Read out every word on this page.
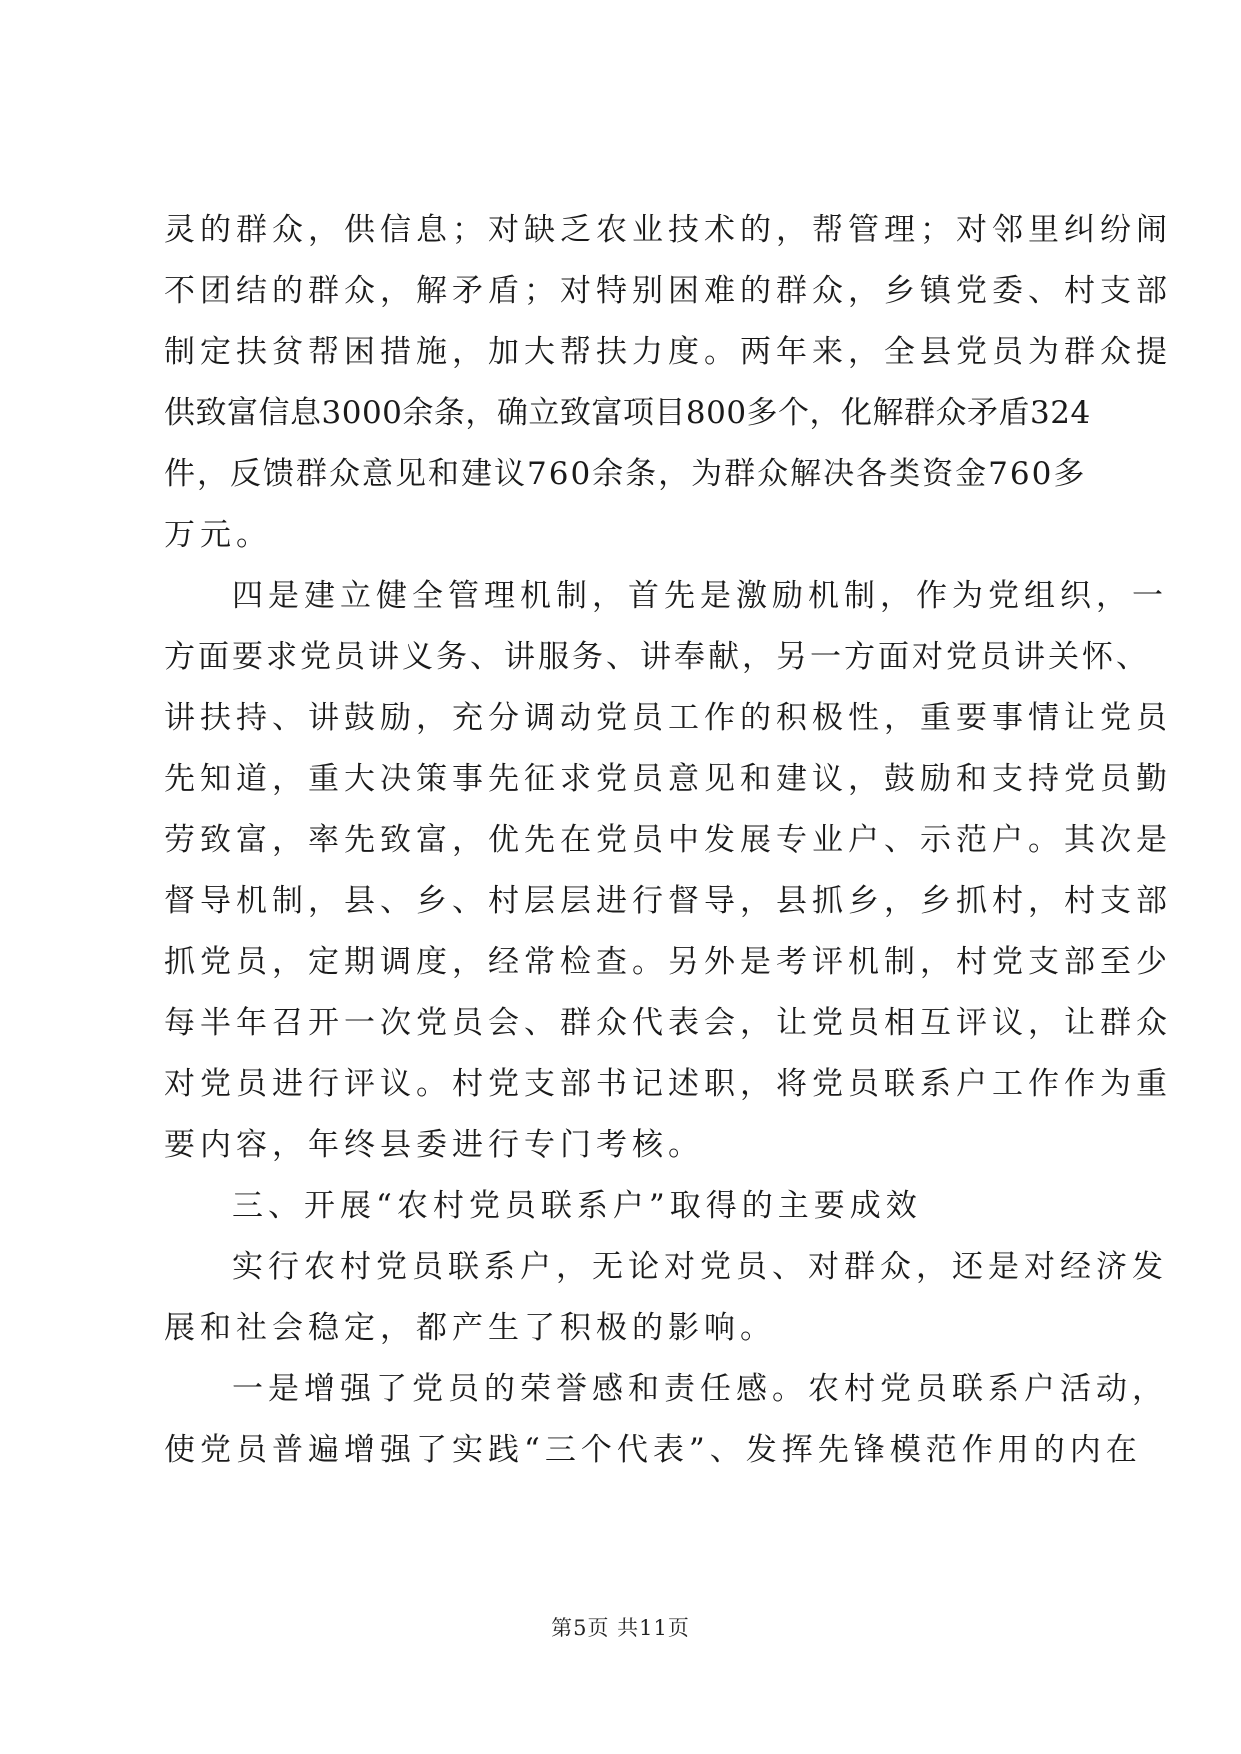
灵的群众，供信息；对缺乏农业技术的，帮管理；对邻里纠纷闹
不团结的群众，解矛盾；对特别困难的群众，乡镇党委、村支部
制定扶贫帮困措施，加大帮扶力度。两年来，全县党员为群众提
供致富信息3000余条，确立致富项目800多个，化解群众矛盾324
件，反馈群众意见和建议760余条，为群众解决各类资金760多
万元。
四是建立健全管理机制，首先是激励机制，作为党组织，一
方面要求党员讲义务、讲服务、讲奉献，另一方面对党员讲关怀、
讲扶持、讲鼓励，充分调动党员工作的积极性，重要事情让党员
先知道，重大决策事先征求党员意见和建议，鼓励和支持党员勤
劳致富，率先致富，优先在党员中发展专业户、示范户。其次是
督导机制，县、乡、村层层进行督导，县抓乡，乡抓村，村支部
抓党员，定期调度，经常检查。另外是考评机制，村党支部至少
每半年召开一次党员会、群众代表会，让党员相互评议，让群众
对党员进行评议。村党支部书记述职，将党员联系户工作作为重
要内容，年终县委进行专门考核。
三、开展“农村党员联系户”取得的主要成效
实行农村党员联系户，无论对党员、对群众，还是对经济发
展和社会稳定，都产生了积极的影响。
一是增强了党员的荣誉感和责任感。农村党员联系户活动，
使党员普遍增强了实践“三个代表”、发挥先锋模范作用的内在
第5页 共11页
